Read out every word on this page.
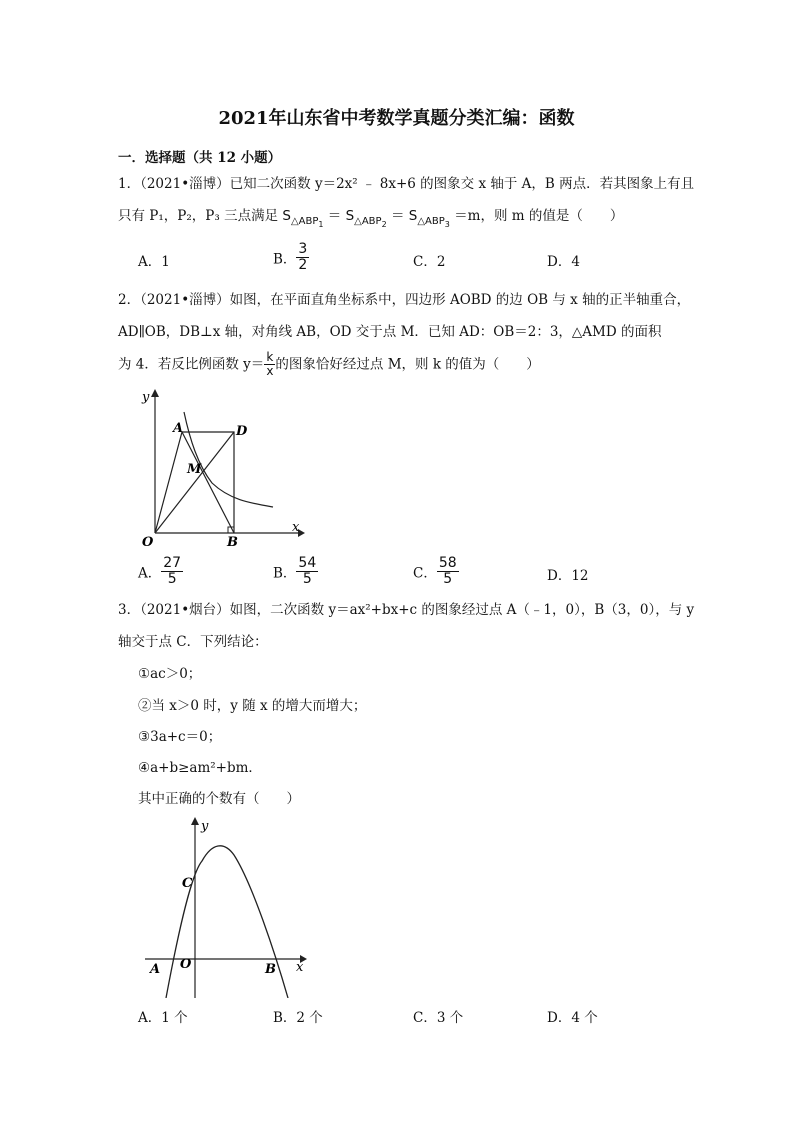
2021年山东省中考数学真题分类汇编：函数
一．选择题（共 12 小题）
1．（2021•淄博）已知二次函数 y＝2x² ﹣ 8x+6 的图象交 x 轴于 A，B 两点．若其图象上有且
只有 P₁，P₂，P₃ 三点满足 $S_{\triangle ABP_1} = S_{\triangle ABP_2} = S_{\triangle ABP_3} =m$，则 m 的值是（　　）
A．1	B． $\frac{3}{2}$	C．2	D．4
2．（2021•淄博）如图，在平面直角坐标系中，四边形 AOBD 的边 OB 与 x 轴的正半轴重合，
AD∥OB，DB⊥x 轴，对角线 AB，OD 交于点 M．已知 AD：OB＝2：3，△AMD 的面积
为 4．若反比例函数 $y= \frac{k}{x}$ 的图象恰好经过点 M，则 k 的值为（　　）
y
x
A	D
M
O	B
A． $\frac{27}{5}$	B． $\frac{54}{5}$	C． $\frac{58}{5}$	D．12
3．（2021•烟台）如图，二次函数 y＝ax²+bx+c 的图象经过点 A（﹣1，0），B（3，0），与 y
轴交于点 C．下列结论：
①ac＞0；
②当 x＞0 时，y 随 x 的增大而增大；
③3a+c＝0；
④a+b≥am²+bm．
其中正确的个数有（　　）
y
x
C
A O	B
A．1 个	B．2 个	C．3 个	D．4 个
